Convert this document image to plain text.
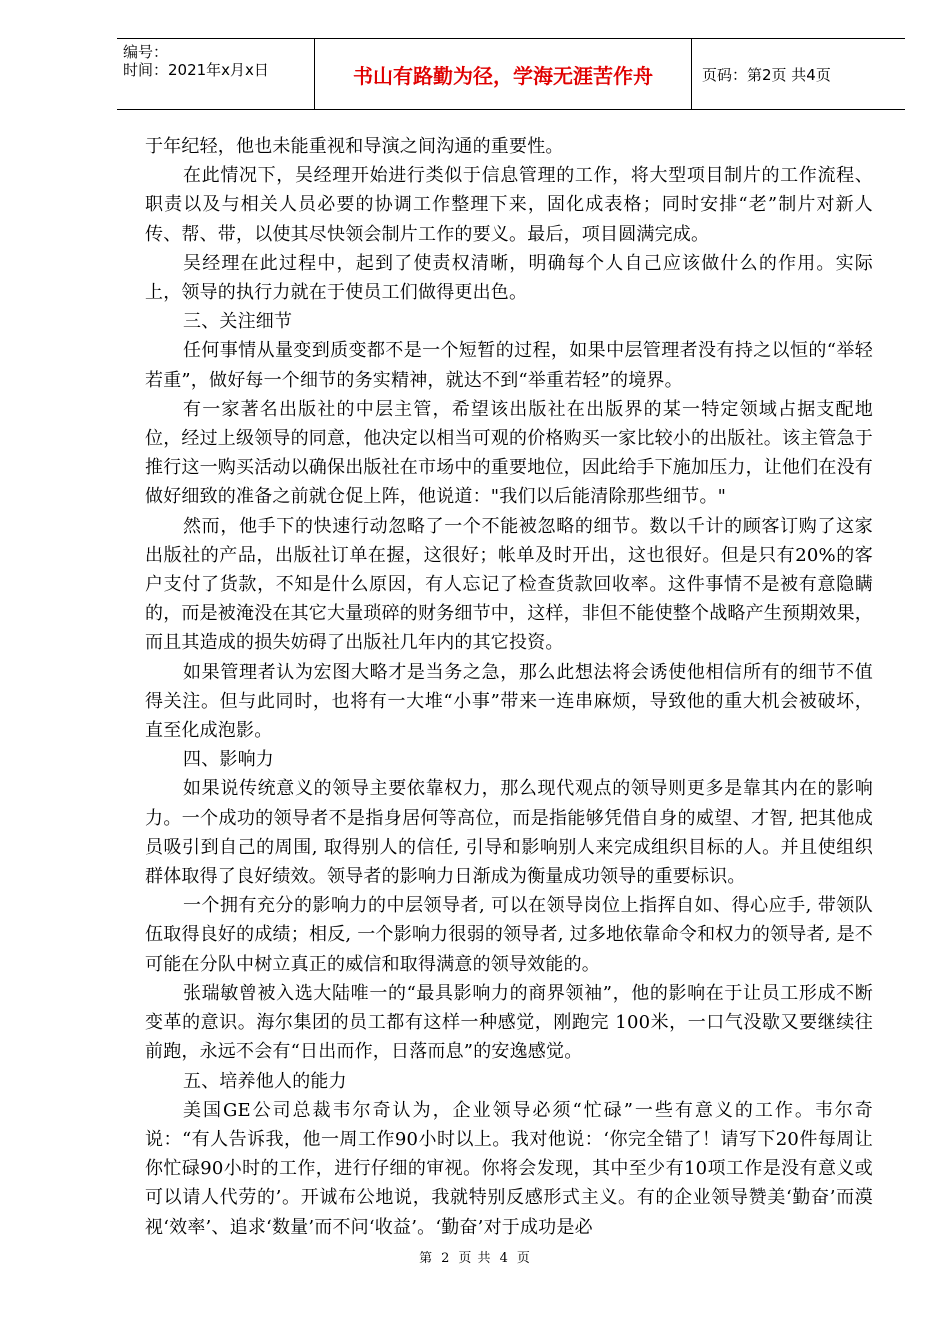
编号：
时间：2021年x月x日	书山有路勤为径，学海无涯苦作舟	页码：第2页 共4页

于年纪轻，他也未能重视和导演之间沟通的重要性。

在此情况下，吴经理开始进行类似于信息管理的工作，将大型项目制片的工作流程、职责以及与相关人员必要的协调工作整理下来，固化成表格；同时安排“老”制片对新人传、帮、带，以使其尽快领会制片工作的要义。最后，项目圆满完成。

吴经理在此过程中，起到了使责权清晰，明确每个人自己应该做什么的作用。实际上，领导的执行力就在于使员工们做得更出色。

三、关注细节

任何事情从量变到质变都不是一个短暂的过程，如果中层管理者没有持之以恒的“举轻若重”，做好每一个细节的务实精神，就达不到“举重若轻”的境界。

有一家著名出版社的中层主管，希望该出版社在出版界的某一特定领域占据支配地位，经过上级领导的同意，他决定以相当可观的价格购买一家比较小的出版社。该主管急于推行这一购买活动以确保出版社在市场中的重要地位，因此给手下施加压力，让他们在没有做好细致的准备之前就仓促上阵，他说道："我们以后能清除那些细节。"

然而，他手下的快速行动忽略了一个不能被忽略的细节。数以千计的顾客订购了这家出版社的产品，出版社订单在握，这很好；帐单及时开出，这也很好。但是只有20%的客户支付了货款，不知是什么原因，有人忘记了检查货款回收率。这件事情不是被有意隐瞒的，而是被淹没在其它大量琐碎的财务细节中，这样，非但不能使整个战略产生预期效果，而且其造成的损失妨碍了出版社几年内的其它投资。

如果管理者认为宏图大略才是当务之急，那么此想法将会诱使他相信所有的细节不值得关注。但与此同时，也将有一大堆“小事”带来一连串麻烦，导致他的重大机会被破坏，直至化成泡影。

四、影响力

如果说传统意义的领导主要依靠权力，那么现代观点的领导则更多是靠其内在的影响力。一个成功的领导者不是指身居何等高位，而是指能够凭借自身的威望、才智, 把其他成员吸引到自己的周围, 取得别人的信任, 引导和影响别人来完成组织目标的人。并且使组织群体取得了良好绩效。领导者的影响力日渐成为衡量成功领导的重要标识。

一个拥有充分的影响力的中层领导者, 可以在领导岗位上指挥自如、得心应手, 带领队伍取得良好的成绩；相反, 一个影响力很弱的领导者, 过多地依靠命令和权力的领导者, 是不可能在分队中树立真正的威信和取得满意的领导效能的。

张瑞敏曾被入选大陆唯一的“最具影响力的商界领袖”，他的影响在于让员工形成不断变革的意识。海尔集团的员工都有这样一种感觉，刚跑完 100米，一口气没歇又要继续往前跑，永远不会有“日出而作，日落而息”的安逸感觉。

五、培养他人的能力

美国GE公司总裁韦尔奇认为，企业领导必须“忙碌”一些有意义的工作。韦尔奇说：“有人告诉我，他一周工作90小时以上。我对他说：‘你完全错了！请写下20件每周让你忙碌90小时的工作，进行仔细的审视。你将会发现，其中至少有10项工作是没有意义或可以请人代劳的’。开诚布公地说，我就特别反感形式主义。有的企业领导赞美‘勤奋’而漠视‘效率’、追求‘数量’而不问‘收益’。‘勤奋’对于成功是必

第 2 页 共 4 页
